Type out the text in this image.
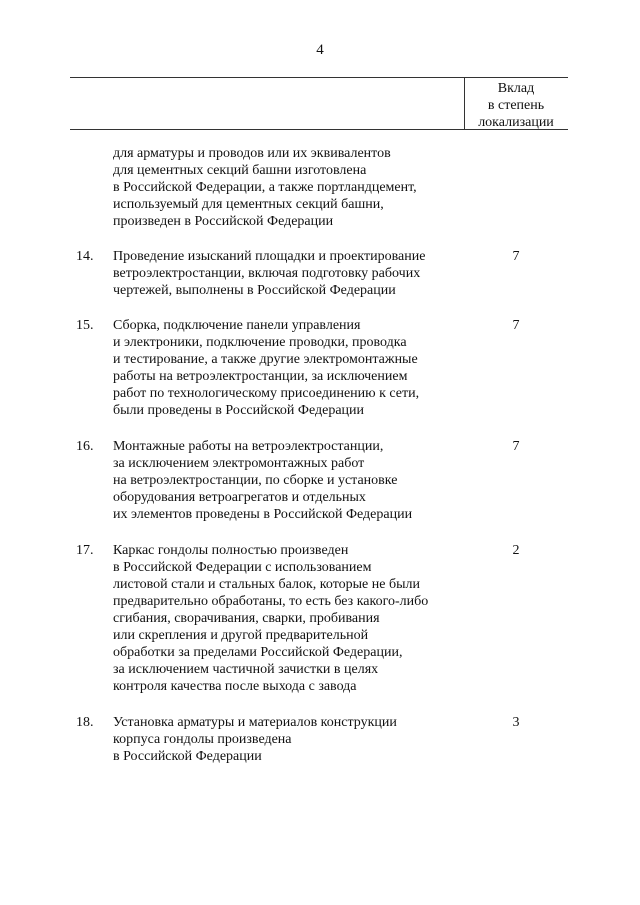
4
Вклад
в степень
локализации
для арматуры и проводов или их эквивалентов
для цементных секций башни изготовлена
в Российской Федерации, а также портландцемент,
используемый для цементных секций башни,
произведен в Российской Федерации
14. Проведение изысканий площадки и проектирование
ветроэлектростанции, включая подготовку рабочих
чертежей, выполнены в Российской Федерации
7
15. Сборка, подключение панели управления
и электроники, подключение проводки, проводка
и тестирование, а также другие электромонтажные
работы на ветроэлектростанции, за исключением
работ по технологическому присоединению к сети,
были проведены в Российской Федерации
7
16. Монтажные работы на ветроэлектростанции,
за исключением электромонтажных работ
на ветроэлектростанции, по сборке и установке
оборудования ветроагрегатов и отдельных
их элементов проведены в Российской Федерации
7
17. Каркас гондолы полностью произведен
в Российской Федерации с использованием
листовой стали и стальных балок, которые не были
предварительно обработаны, то есть без какого-либо
сгибания, сворачивания, сварки, пробивания
или скрепления и другой предварительной
обработки за пределами Российской Федерации,
за исключением частичной зачистки в целях
контроля качества после выхода с завода
2
18. Установка арматуры и материалов конструкции
корпуса гондолы произведена
в Российской Федерации
3
